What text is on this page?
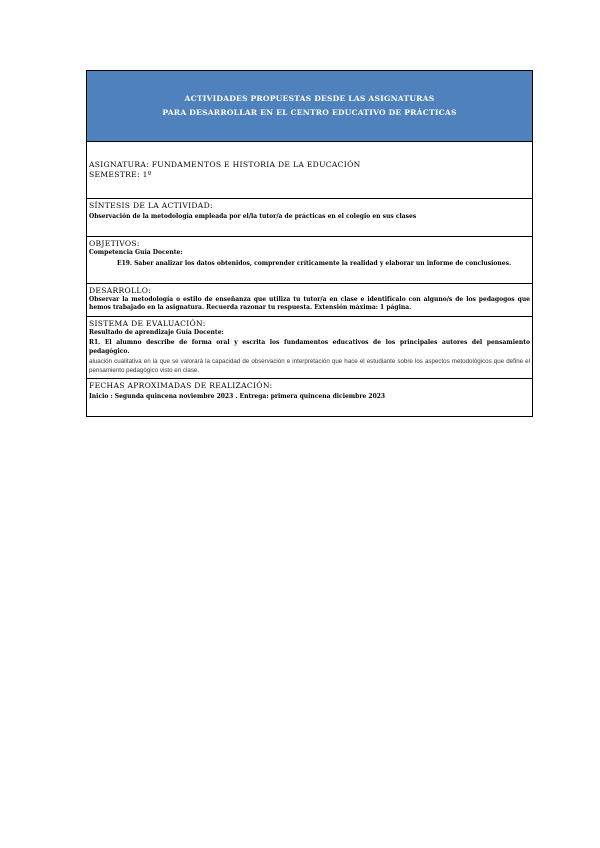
ACTIVIDADES PROPUESTAS DESDE LAS ASIGNATURAS
PARA DESARROLLAR EN EL CENTRO EDUCATIVO DE PRÁCTICAS
ASIGNATURA: FUNDAMENTOS E HISTORIA DE LA EDUCACIÓN
SEMESTRE: 1º
SÍNTESIS DE LA ACTIVIDAD:
Observación de la metodología empleada por el/la tutor/a de prácticas en el colegio en sus clases
OBJETIVOS:
Competencia Guía Docente:
E19. Saber analizar los datos obtenidos, comprender críticamente la realidad y elaborar un informe de conclusiones.
DESARROLLO:
Observar la metodología o estilo de enseñanza que utiliza tu tutor/a en clase e identifícalo con alguno/s de los pedagogos que hemos trabajado en la asignatura. Recuerda razonar tu respuesta. Extensión máxima: 1 página.
SISTEMA DE EVALUACIÓN:
Resultado de aprendizaje Guía Docente:
R1. El alumno describe de forma oral y escrita los fundamentos educativos de los principales autores del pensamiento pedagógico.
aluación cualitativa en la que se valorará la capacidad de observación e interpretación que hace el estudiante sobre los aspectos metodológicos que define el pensamiento pedagógico visto en clase.
FECHAS APROXIMADAS DE REALIZACIÓN:
Inicio : Segunda quincena noviembre 2023 . Entrega: primera quincena diciembre 2023
